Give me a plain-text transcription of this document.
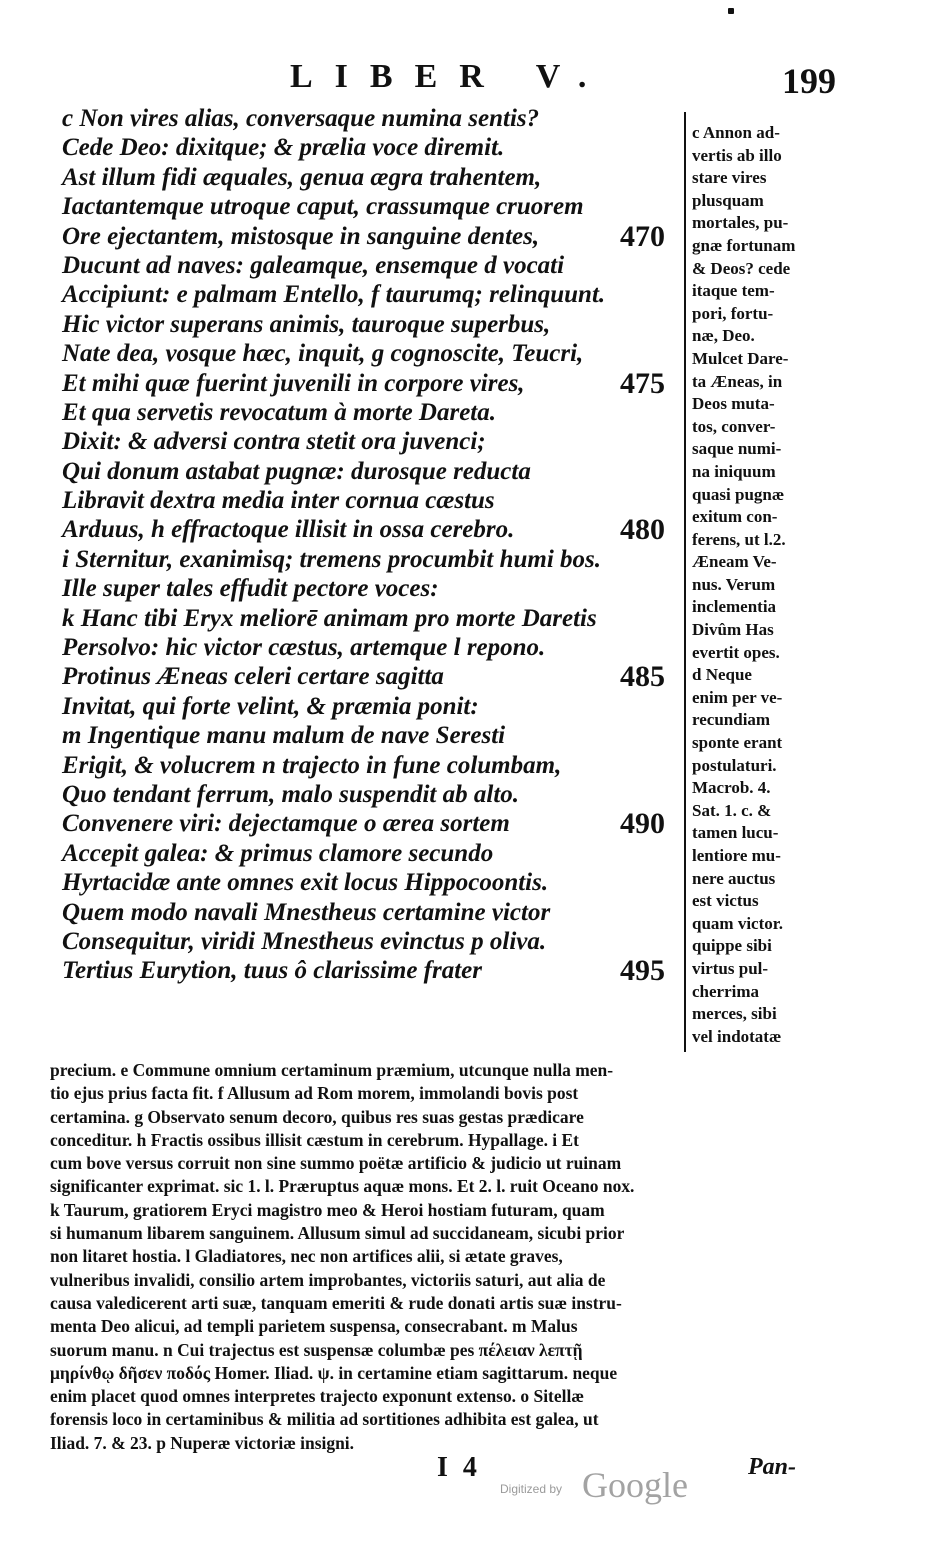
LIBER V.	199
c Non vires alias, conversaque numina sentis?
Cede Deo: dixitque; & prælia voce diremit.
Ast illum fidi æquales, genua ægra trahentem,
Iactantemque utroque caput, crassumque cruorem
Ore ejectantem, mistosque in sanguine dentes,	470
Ducunt ad naves: galeamque, ensemque d vocati
Accipiunt: e palmam Entello, f taurumq; relinquunt.
Hic victor superans animis, tauroque superbus,
Nate dea, vosque hæc, inquit, g cognoscite, Teucri,
Et mihi quæ fuerint juvenili in corpore vires,	475
Et qua servetis revocatum à morte Dareta.
Dixit: & adversi contra stetit ora juvenci;
Qui donum astabat pugnæ: durosque reducta
Libravit dextra media inter cornua cæstus
Arduus, h effractoque illisit in ossa cerebro.	480
i Sternitur, exanimisq; tremens procumbit humi bos.
Ille super tales effudit pectore voces:
k Hanc tibi Eryx meliorē animam pro morte Daretis
Persolvo: hic victor cæstus, artemque l repono.
Protinus Æneas celeri certare sagitta	485
Invitat, qui forte velint, & præmia ponit:
m Ingentique manu malum de nave Seresti
Erigit, & volucrem n trajecto in fune columbam,
Quo tendant ferrum, malo suspendit ab alto.
Convenere viri: dejectamque o ærea sortem	490
Accepit galea: & primus clamore secundo
Hyrtacidæ ante omnes exit locus Hippocoontis.
Quem modo navali Mnestheus certamine victor
Consequitur, viridi Mnestheus evinctus p oliva.
Tertius Eurytion, tuus ô clarissime frater	495
c Annon ad-
vertis ab illo
stare vires
plusquam
mortales, pu-
gnæ fortunam
& Deos? cede
itaque tem-
pori, fortu-
næ, Deo.
Mulcet Dare-
ta Æneas, in
Deos muta-
tos, conver-
saque numi-
na iniquum
quasi pugnæ
exitum con-
ferens, ut l.2.
Æneam Ve-
nus. Verum
inclementia
Divûm Has
evertit opes.
d Neque
enim per ve-
recundiam
sponte erant
postulaturi.
Macrob. 4.
Sat. 1. c. &
tamen lucu-
lentiore mu-
nere auctus
est victus
quam victor.
quippe sibi
virtus pul-
cherrima
merces, sibi
vel indotatæ
precium. e Commune omnium certaminum præmium, utcunque nulla men-
tio ejus prius facta fit. f Allusum ad Rom morem, immolandi bovis post
certamina. g Observato senum decoro, quibus res suas gestas prædicare
conceditur. h Fractis ossibus illisit cæstum in cerebrum. Hypallage. i Et
cum bove versus corruit non sine summo poëtæ artificio & judicio ut ruinam
significanter exprimat. sic 1. l. Præruptus aquæ mons. Et 2. l. ruit Oceano nox.
k Taurum, gratiorem Eryci magistro meo & Heroi hostiam futuram, quam
si humanum libarem sanguinem. Allusum simul ad succidaneam, sicubi prior
non litaret hostia. l Gladiatores, nec non artifices alii, si ætate graves,
vulneribus invalidi, consilio artem improbantes, victoriis saturi, aut alia de
causa valedicerent arti suæ, tanquam emeriti & rude donati artis suæ instru-
menta Deo alicui, ad templi parietem suspensa, consecrabant. m Malus
suorum manu. n Cui trajectus est suspensæ columbæ pes πέλειαν λεπτῇ
μηρίνθῳ δῆσεν ποδός Homer. Iliad. ψ. in certamine etiam sagittarum. neque
enim placet quod omnes interpretes trajecto exponunt extenso. o Sitellæ
forensis loco in certaminibus & militia ad sortitiones adhibita est galea, ut
Iliad. 7. & 23. p Nuperæ victoriæ insigni.
I 4	Pan-
Digitized by Google
